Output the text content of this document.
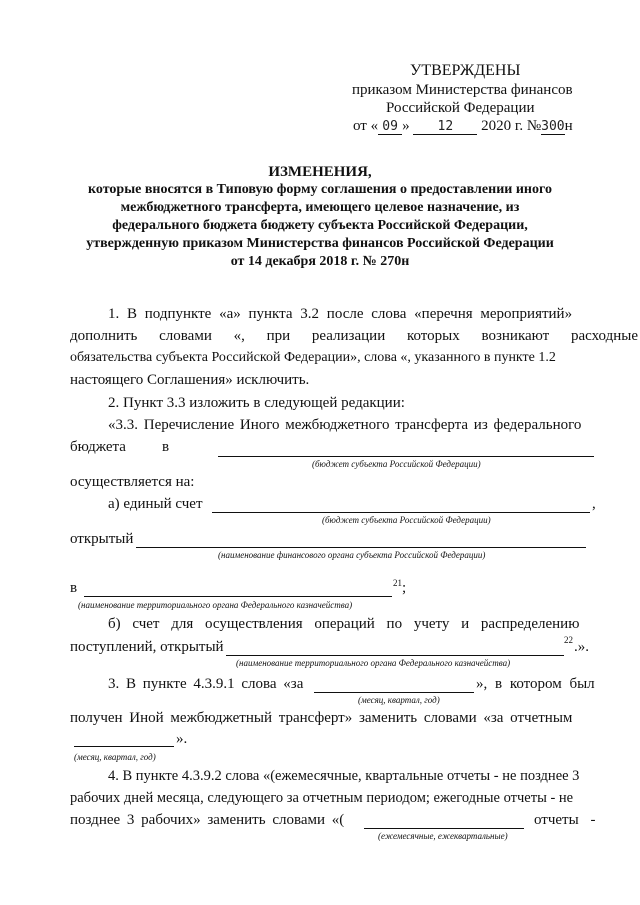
УТВЕРЖДЕНЫ
приказом Министерства финансов
Российской Федерации
от « 09 » 12 2020 г. №300н
ИЗМЕНЕНИЯ,
которые вносятся в Типовую форму соглашения о предоставлении иного
межбюджетного трансферта, имеющего целевое назначение, из
федерального бюджета бюджету субъекта Российской Федерации,
утвержденную приказом Министерства финансов Российской Федерации
от 14 декабря 2018 г. № 270н
1. В подпункте «а» пункта 3.2 после слова «перечня мероприятий»
дополнить словами «, при реализации которых возникают расходные
обязательства субъекта Российской Федерации», слова «, указанного в пункте 1.2
настоящего Соглашения» исключить.
2. Пункт 3.3 изложить в следующей редакции:
«3.3. Перечисление Иного межбюджетного трансферта из федерального
бюджета в
(бюджет субъекта Российской Федерации)
осуществляется на:
а) единый счет	,
(бюджет субъекта Российской Федерации)
открытый
(наименование финансового органа субъекта Российской Федерации)
в	21 ;
(наименование территориального органа Федерального казначейства)
б) счет для осуществления операций по учету и распределению
поступлений, открытый	22 .».
(наименование территориального органа Федерального казначейства)
3. В пункте 4.3.9.1 слова «за	», в котором был
(месяц, квартал, год)
получен Иной межбюджетный трансферт» заменить словами «за отчетным
».
(месяц, квартал, год)
4. В пункте 4.3.9.2 слова «(ежемесячные, квартальные отчеты - не позднее 3
рабочих дней месяца, следующего за отчетным периодом; ежегодные отчеты - не
позднее 3 рабочих» заменить словами «(	отчеты -
(ежемесячные, ежеквартальные)
